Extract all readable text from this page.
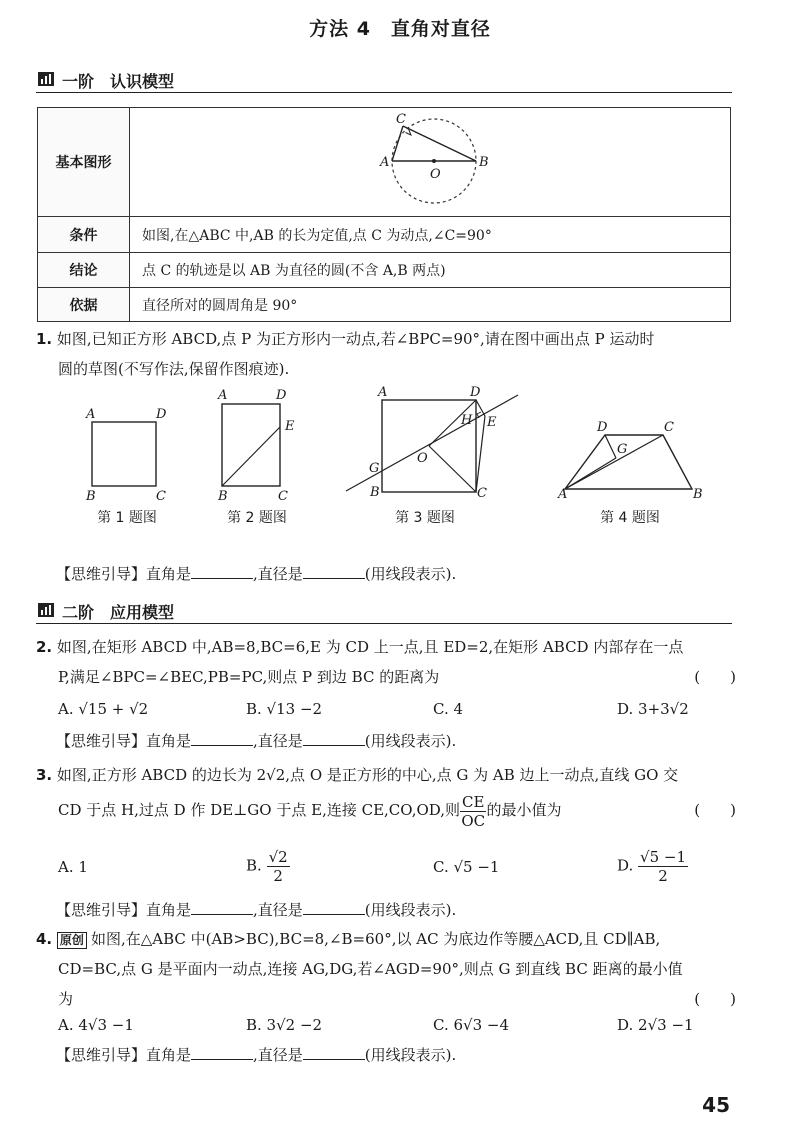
方法 4　直角对直径
一阶　认识模型
基本图形	C
A
O
B

条件	如图,在△ABC 中,AB 的长为定值,点 C 为动点,∠C=90°
结论	点 C 的轨迹是以 AB 为直径的圆(不含 A,B 两点)
依据	直径所对的圆周角是 90°
1. 如图,已知正方形 ABCD,点 P 为正方形内一动点,若∠BPC=90°,请在图中画出点 P 运动时
圆的草图(不写作法,保留作图痕迹).
A	D
B	C
A	D
E
B	C
A	D
H E
O
G
B	C
D	C
G
A	B
第 1 题图	第 2 题图	第 3 题图	第 4 题图
【思维引导】直角是	,直径是	(用线段表示).
二阶　应用模型
2. 如图,在矩形 ABCD 中,AB=8,BC=6,E 为 CD 上一点,且 ED=2,在矩形 ABCD 内部存在一点
P,满足∠BPC=∠BEC,PB=PC,则点 P 到边 BC 的距离为	(　　)
A. √15 + √2	B. √13 −2	C. 4	D. 3+3√2
【思维引导】直角是	,直径是	(用线段表示).
3. 如图,正方形 ABCD 的边长为 2√2,点 O 是正方形的中心,点 G 为 AB 边上一动点,直线 GO 交
CD 于点 H,过点 D 作 DE⊥GO 于点 E,连接 CE,CO,OD,则 $\frac{CE}{OC}$ 的最小值为	(　　)
A. 1	B. $\frac{√2}{2}$	C. √5 −1	D. $\frac{√5 -1}{2}$
【思维引导】直角是	,直径是	(用线段表示).
4. 原创 如图,在△ABC 中(AB>BC),BC=8,∠B=60°,以 AC 为底边作等腰△ACD,且 CD∥AB,
CD=BC,点 G 是平面内一动点,连接 AG,DG,若∠AGD=90°,则点 G 到直线 BC 距离的最小值
为	(　　)
A. 4√3 −1	B. 3√2 −2	C. 6√3 −4	D. 2√3 −1
【思维引导】直角是	,直径是	(用线段表示).
45
